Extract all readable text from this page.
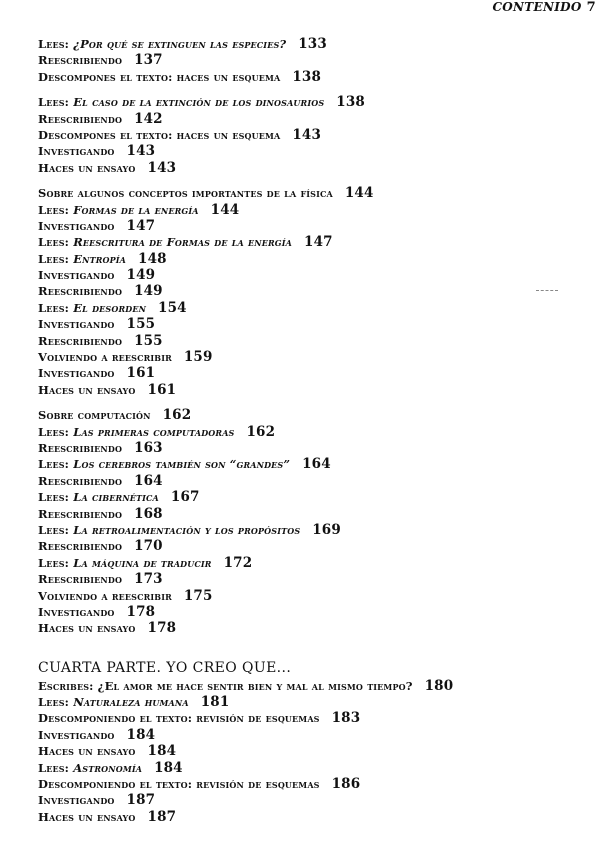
CONTENIDO 7
Lees: ¿Por qué se extinguen las especies? 133
Reescribiendo 137
Descompones el texto: haces un esquema 138
Lees: El caso de la extinción de los dinosaurios 138
Reescribiendo 142
Descompones el texto: haces un esquema 143
Investigando 143
Haces un ensayo 143
Sobre algunos conceptos importantes de la física 144
Lees: Formas de la energía 144
Investigando 147
Lees: Reescritura de Formas de la energía 147
Lees: Entropía 148
Investigando 149
Reescribiendo 149
Lees: El desorden 154
Investigando 155
Reescribiendo 155
Volviendo a reescribir 159
Investigando 161
Haces un ensayo 161
Sobre computación 162
Lees: Las primeras computadoras 162
Reescribiendo 163
Lees: Los cerebros también son “grandes” 164
Reescribiendo 164
Lees: La cibernética 167
Reescribiendo 168
Lees: La retroalimentación y los propósitos 169
Reescribiendo 170
Lees: La máquina de traducir 172
Reescribiendo 173
Volviendo a reescribir 175
Investigando 178
Haces un ensayo 178
CUARTA PARTE. YO CREO QUE...
Escribes: ¿El amor me hace sentir bien y mal al mismo tiempo? 180
Lees: Naturaleza humana 181
Descomponiendo el texto: revisión de esquemas 183
Investigando 184
Haces un ensayo 184
Lees: Astronomía 184
Descomponiendo el texto: revisión de esquemas 186
Investigando 187
Haces un ensayo 187
